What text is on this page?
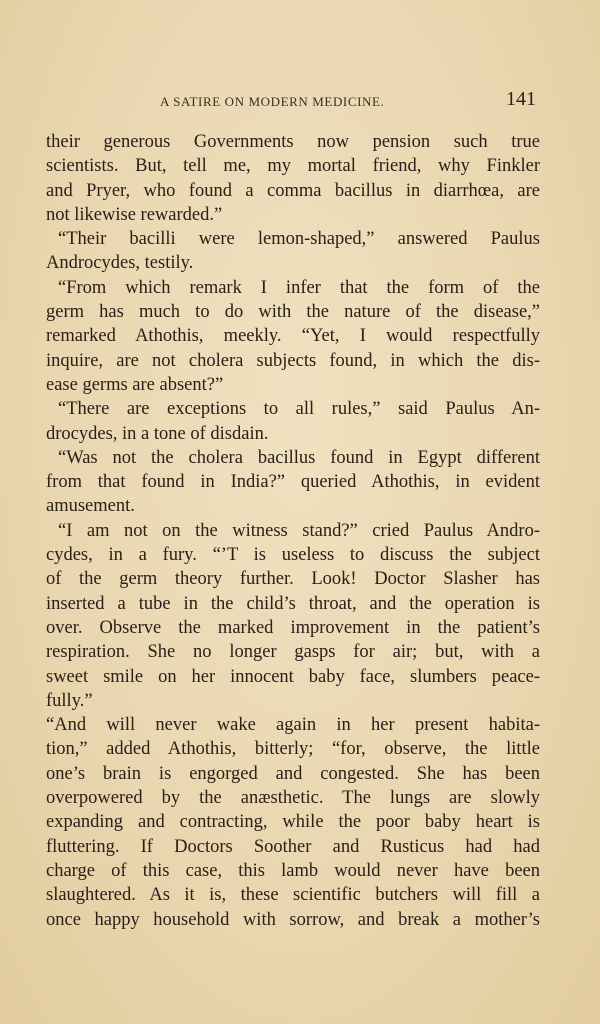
A SATIRE ON MODERN MEDICINE.	141
their generous Governments now pension such true
scientists. But, tell me, my mortal friend, why Finkler
and Pryer, who found a comma bacillus in diarrhœa, are
not likewise rewarded.”
“Their bacilli were lemon-shaped,” answered Paulus
Androcydes, testily.
“From which remark I infer that the form of the
germ has much to do with the nature of the disease,”
remarked Athothis, meekly. “Yet, I would respectfully
inquire, are not cholera subjects found, in which the dis-
ease germs are absent?”
“There are exceptions to all rules,” said Paulus An-
drocydes, in a tone of disdain.
“Was not the cholera bacillus found in Egypt different
from that found in India?” queried Athothis, in evident
amusement.
“I am not on the witness stand?” cried Paulus Andro-
cydes, in a fury. “’T is useless to discuss the subject
of the germ theory further. Look! Doctor Slasher has
inserted a tube in the child’s throat, and the operation is
over. Observe the marked improvement in the patient’s
respiration. She no longer gasps for air; but, with a
sweet smile on her innocent baby face, slumbers peace-
fully.”
“And will never wake again in her present habita-
tion,” added Athothis, bitterly; “for, observe, the little
one’s brain is engorged and congested. She has been
overpowered by the anæsthetic. The lungs are slowly
expanding and contracting, while the poor baby heart is
fluttering. If Doctors Soother and Rusticus had had
charge of this case, this lamb would never have been
slaughtered. As it is, these scientific butchers will fill a
once happy household with sorrow, and break a mother’s
